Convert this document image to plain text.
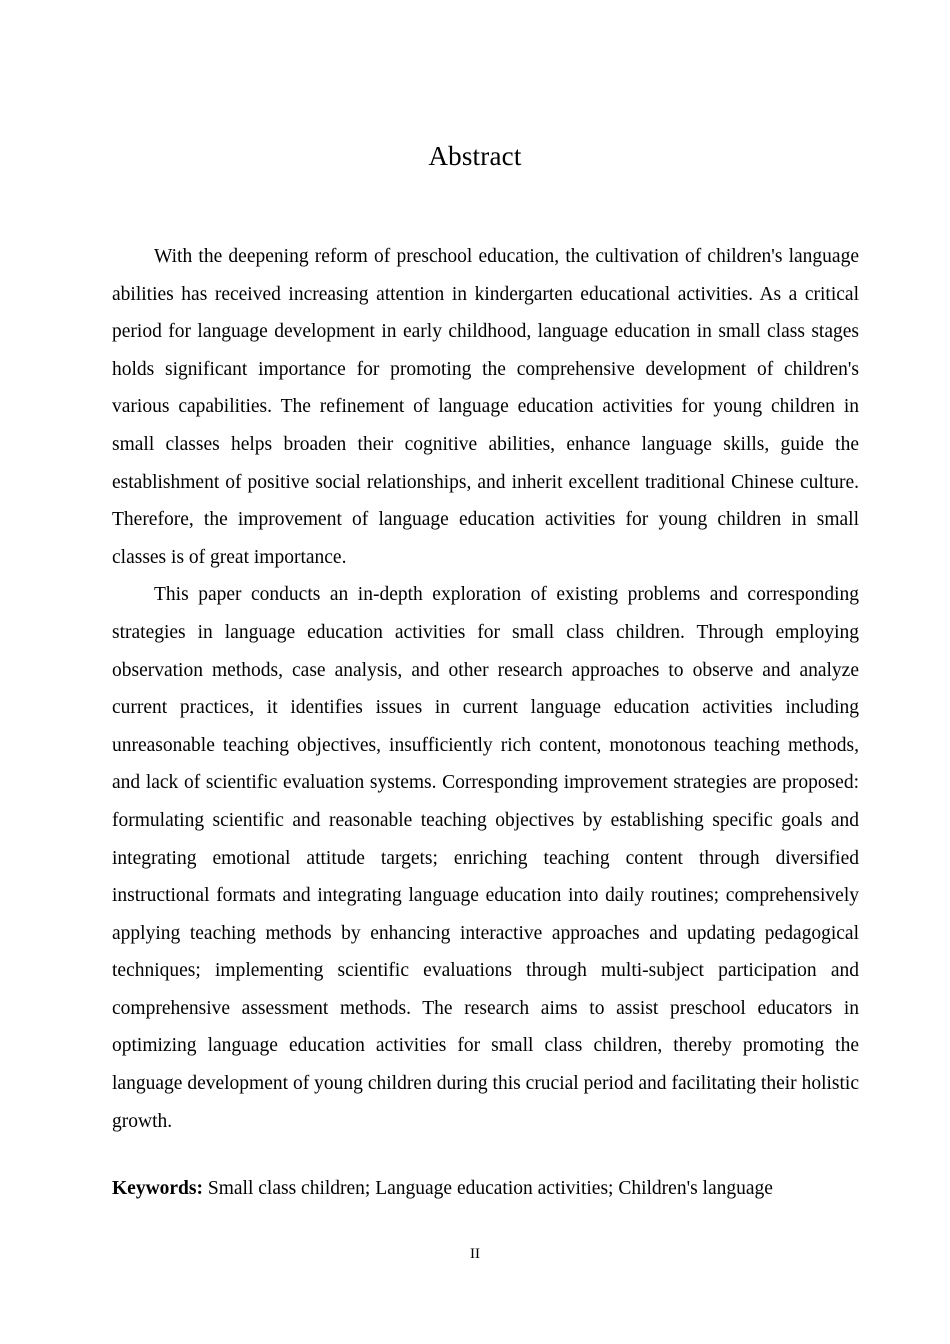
Abstract

With the deepening reform of preschool education, the cultivation of children's language abilities has received increasing attention in kindergarten educational activities. As a critical period for language development in early childhood, language education in small class stages holds significant importance for promoting the comprehensive development of children's various capabilities. The refinement of language education activities for young children in small classes helps broaden their cognitive abilities, enhance language skills, guide the establishment of positive social relationships, and inherit excellent traditional Chinese culture. Therefore, the improvement of language education activities for young children in small classes is of great importance.

This paper conducts an in-depth exploration of existing problems and corresponding strategies in language education activities for small class children. Through employing observation methods, case analysis, and other research approaches to observe and analyze current practices, it identifies issues in current language education activities including unreasonable teaching objectives, insufficiently rich content, monotonous teaching methods, and lack of scientific evaluation systems. Corresponding improvement strategies are proposed: formulating scientific and reasonable teaching objectives by establishing specific goals and integrating emotional attitude targets; enriching teaching content through diversified instructional formats and integrating language education into daily routines; comprehensively applying teaching methods by enhancing interactive approaches and updating pedagogical techniques; implementing scientific evaluations through multi-subject participation and comprehensive assessment methods. The research aims to assist preschool educators in optimizing language education activities for small class children, thereby promoting the language development of young children during this crucial period and facilitating their holistic growth.

Keywords: Small class children; Language education activities; Children's language
II
